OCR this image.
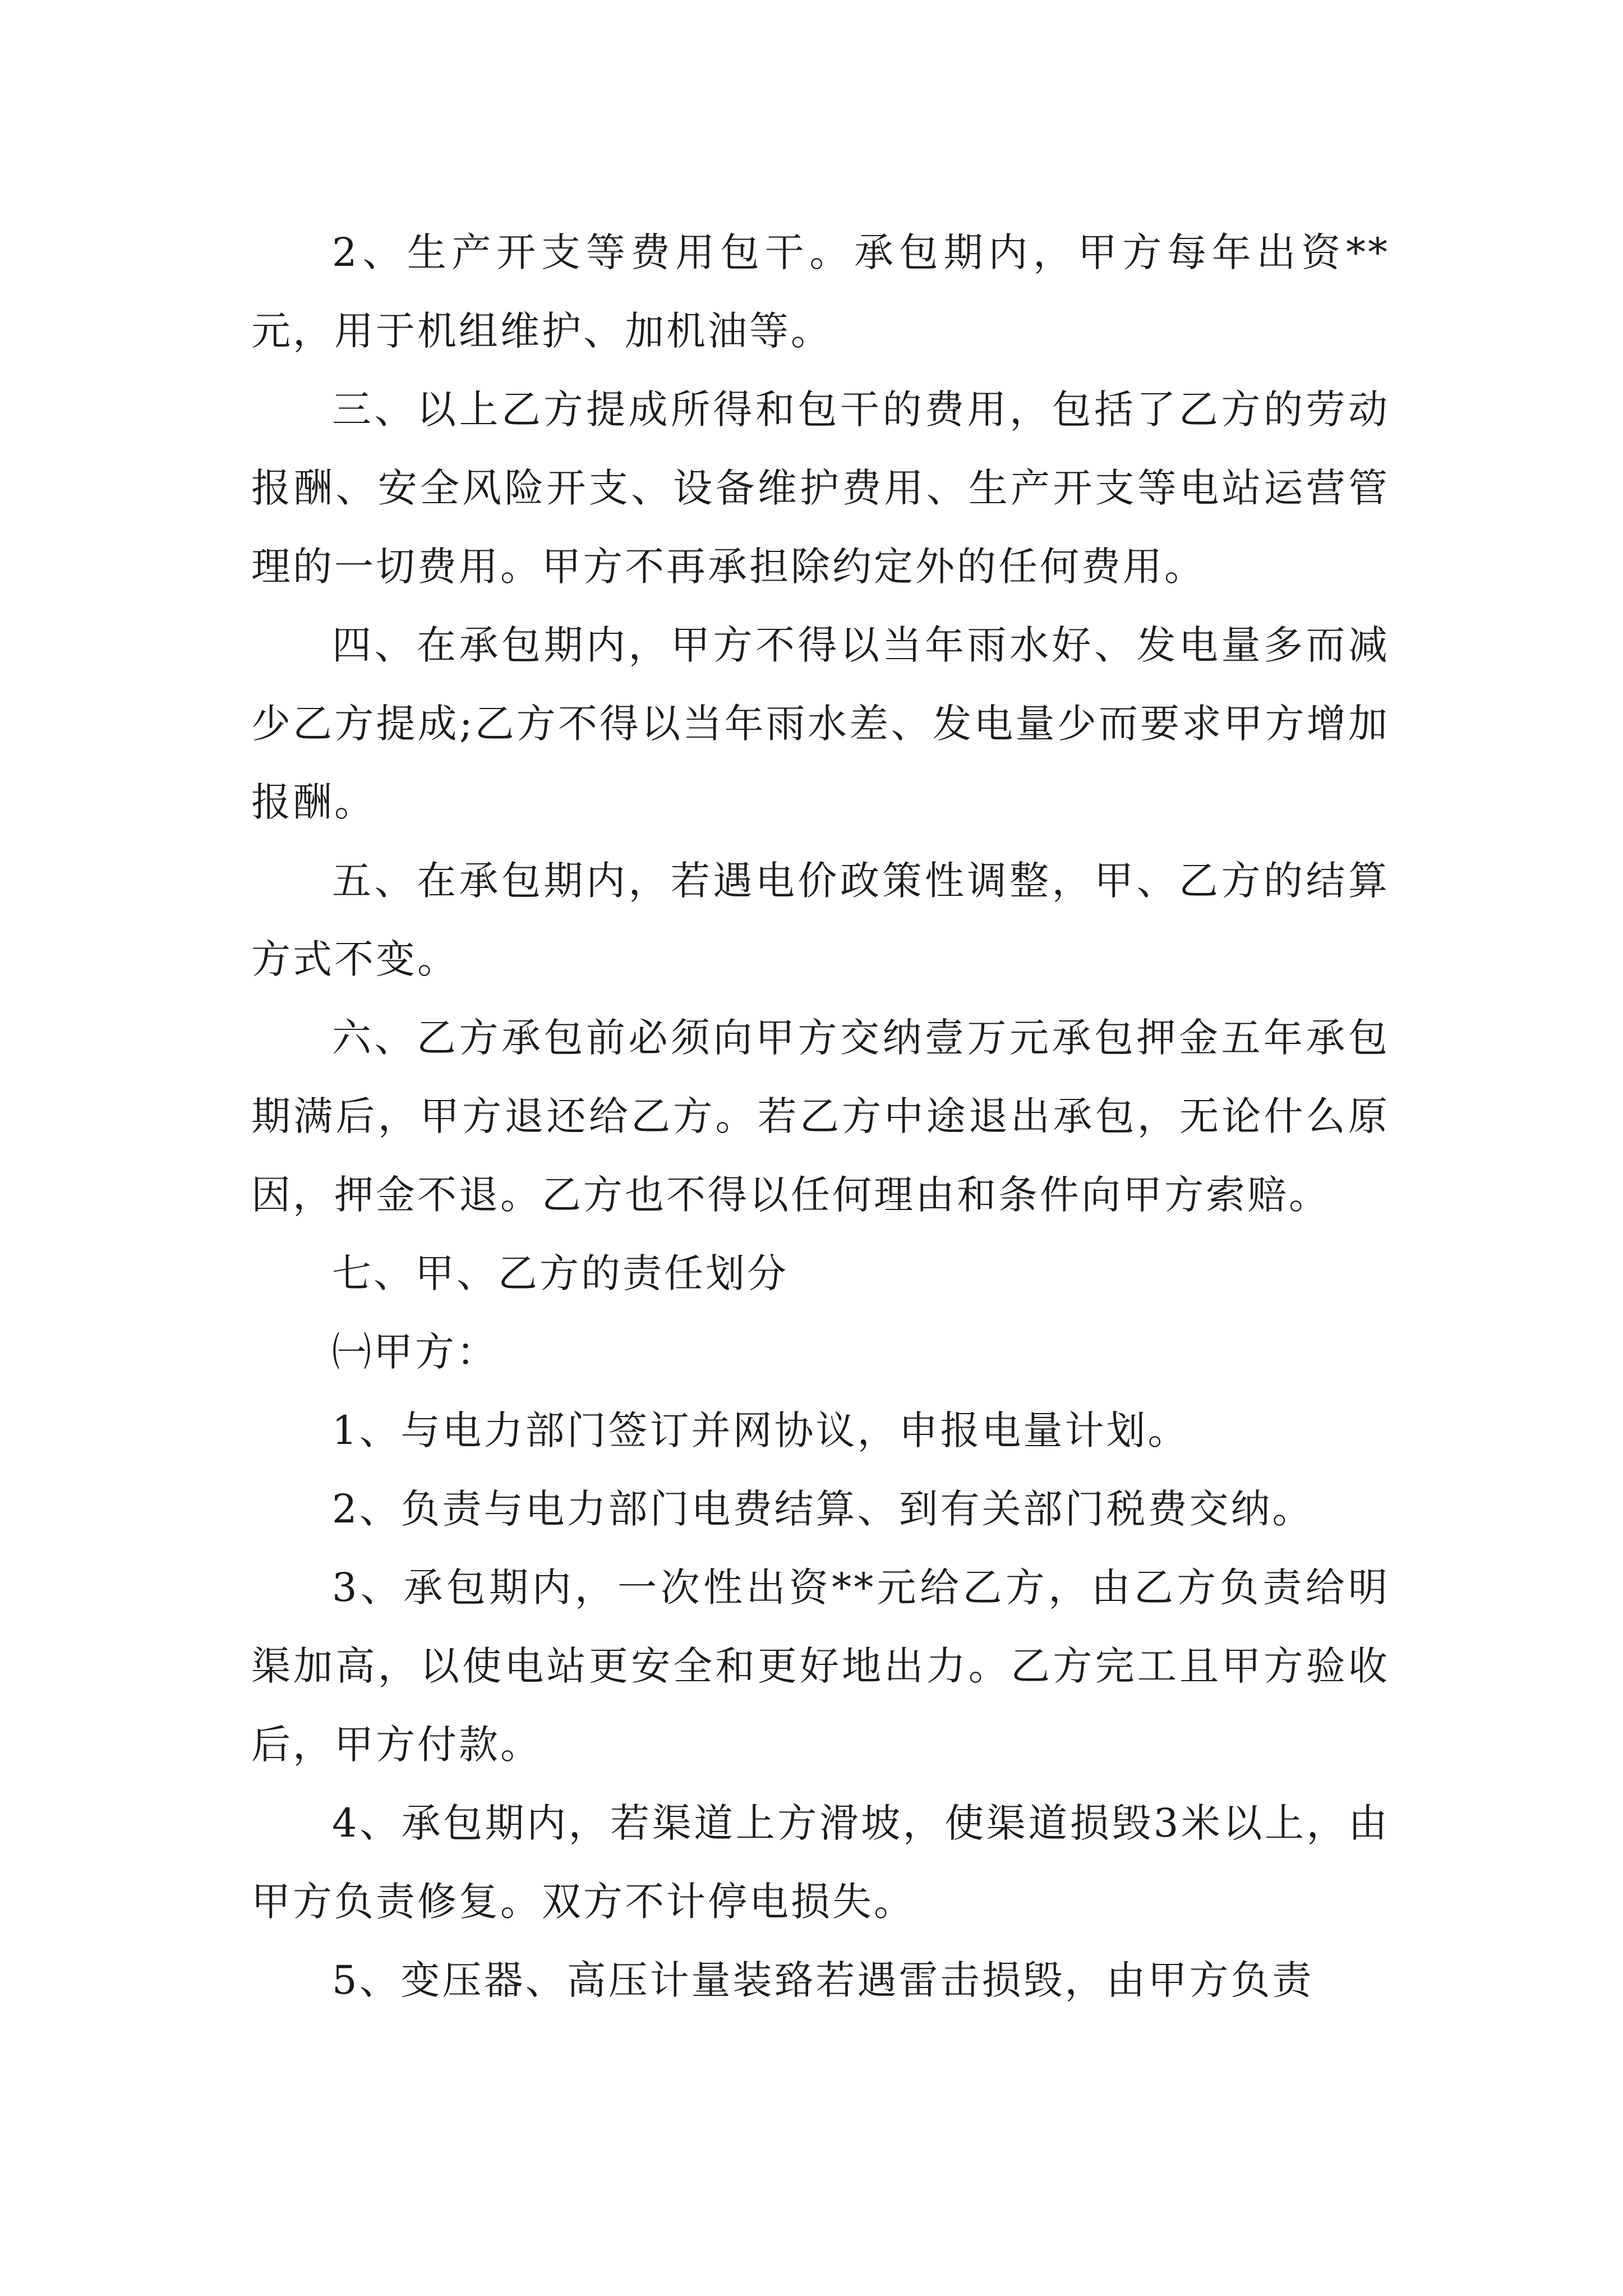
2、生产开支等费用包干。承包期内，甲方每年出资**元，用于机组维护、加机油等。

三、以上乙方提成所得和包干的费用，包括了乙方的劳动报酬、安全风险开支、设备维护费用、生产开支等电站运营管理的一切费用。甲方不再承担除约定外的任何费用。

四、在承包期内，甲方不得以当年雨水好、发电量多而减少乙方提成;乙方不得以当年雨水差、发电量少而要求甲方增加报酬。

五、在承包期内，若遇电价政策性调整，甲、乙方的结算方式不变。

六、乙方承包前必须向甲方交纳壹万元承包押金五年承包期满后，甲方退还给乙方。若乙方中途退出承包，无论什么原因，押金不退。乙方也不得以任何理由和条件向甲方索赔。

七、甲、乙方的责任划分

㈠甲方：

1、与电力部门签订并网协议，申报电量计划。

2、负责与电力部门电费结算、到有关部门税费交纳。

3、承包期内，一次性出资**元给乙方，由乙方负责给明渠加高，以使电站更安全和更好地出力。乙方完工且甲方验收后，甲方付款。

4、承包期内，若渠道上方滑坡，使渠道损毁3米以上，由甲方负责修复。双方不计停电损失。

5、变压器、高压计量装臵若遇雷击损毁，由甲方负责
